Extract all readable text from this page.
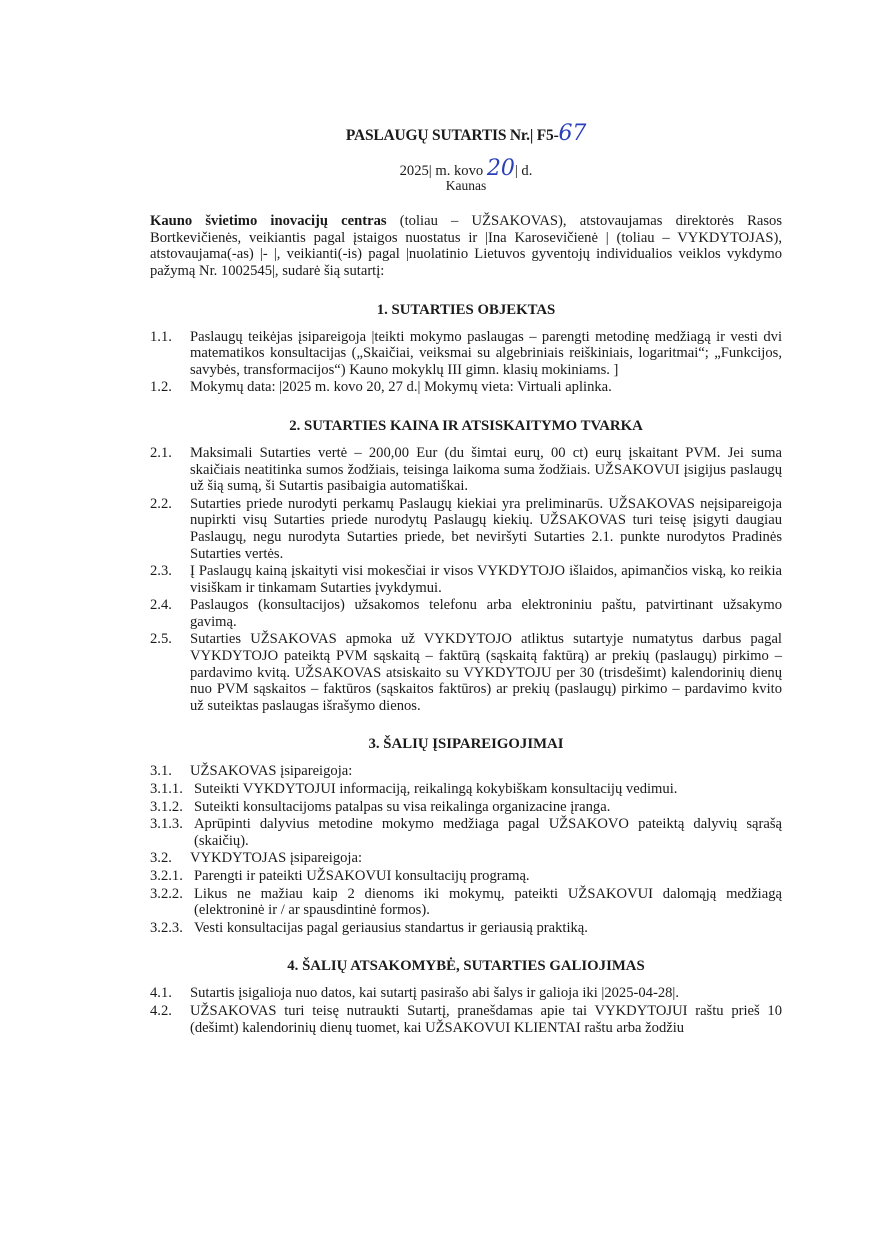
PASLAUGŲ SUTARTIS Nr.| F5-67
2025| m. kovo 20| d.
Kaunas
Kauno švietimo inovacijų centras (toliau – UŽSAKOVAS), atstovaujamas direktorės Rasos Bortkevičienės, veikiantis pagal įstaigos nuostatus ir |Ina Karosevičienė | (toliau – VYKDYTOJAS), atstovaujama(-as) |- |, veikianti(-is) pagal |nuolatinio Lietuvos gyventojų individualios veiklos vykdymo pažymą Nr. 1002545|, sudarė šią sutartį:
1. SUTARTIES OBJEKTAS
1.1.	Paslaugų teikėjas įsipareigoja |teikti mokymo paslaugas – parengti metodinę medžiagą ir vesti dvi matematikos konsultacijas („Skaičiai, veiksmai su algebriniais reiškiniais, logaritmai“; „Funkcijos, savybės, transformacijos“) Kauno mokyklų III gimn. klasių mokiniams. ]
1.2.	Mokymų data: |2025 m. kovo 20, 27 d.| Mokymų vieta: Virtuali aplinka.
2. SUTARTIES KAINA IR ATSISKAITYMO TVARKA
2.1.	Maksimali Sutarties vertė – 200,00 Eur (du šimtai eurų, 00 ct) eurų įskaitant PVM. Jei suma skaičiais neatitinka sumos žodžiais, teisinga laikoma suma žodžiais. UŽSAKOVUI įsigijus paslaugų už šią sumą, ši Sutartis pasibaigia automatiškai.
2.2.	Sutarties priede nurodyti perkamų Paslaugų kiekiai yra preliminarūs. UŽSAKOVAS neįsipareigoja nupirkti visų Sutarties priede nurodytų Paslaugų kiekių. UŽSAKOVAS turi teisę įsigyti daugiau Paslaugų, negu nurodyta Sutarties priede, bet neviršyti Sutarties 2.1. punkte nurodytos Pradinės Sutarties vertės.
2.3.	Į Paslaugų kainą įskaityti visi mokesčiai ir visos VYKDYTOJO išlaidos, apimančios viską, ko reikia visiškam ir tinkamam Sutarties įvykdymui.
2.4.	Paslaugos (konsultacijos) užsakomos telefonu arba elektroniniu paštu, patvirtinant užsakymo gavimą.
2.5.	Sutarties UŽSAKOVAS apmoka už VYKDYTOJO atliktus sutartyje numatytus darbus pagal VYKDYTOJO pateiktą PVM sąskaitą – faktūrą (sąskaitą faktūrą) ar prekių (paslaugų) pirkimo – pardavimo kvitą. UŽSAKOVAS atsiskaito su VYKDYTOJU per 30 (trisdešimt) kalendorinių dienų nuo PVM sąskaitos – faktūros (sąskaitos faktūros) ar prekių (paslaugų) pirkimo – pardavimo kvito už suteiktas paslaugas išrašymo dienos.
3. ŠALIŲ ĮSIPAREIGOJIMAI
3.1.	UŽSAKOVAS įsipareigoja:
3.1.1. Suteikti VYKDYTOJUI informaciją, reikalingą kokybiškam konsultacijų vedimui.
3.1.2. Suteikti konsultacijoms patalpas su visa reikalinga organizacine įranga.
3.1.3. Aprūpinti dalyvius metodine mokymo medžiaga pagal UŽSAKOVO pateiktą dalyvių sąrašą (skaičių).
3.2.	VYKDYTOJAS įsipareigoja:
3.2.1. Parengti ir pateikti UŽSAKOVUI konsultacijų programą.
3.2.2. Likus ne mažiau kaip 2 dienoms iki mokymų, pateikti UŽSAKOVUI dalomąją medžiagą (elektroninė ir / ar spausdintinė formos).
3.2.3. Vesti konsultacijas pagal geriausius standartus ir geriausią praktiką.
4. ŠALIŲ ATSAKOMYBĖ, SUTARTIES GALIOJIMAS
4.1.	Sutartis įsigalioja nuo datos, kai sutartį pasirašo abi šalys ir galioja iki |2025-04-28|.
4.2.	UŽSAKOVAS turi teisę nutraukti Sutartį, pranešdamas apie tai VYKDYTOJUI raštu prieš 10 (dešimt) kalendorinių dienų tuomet, kai UŽSAKOVUI KLIENTAI raštu arba žodžiu
